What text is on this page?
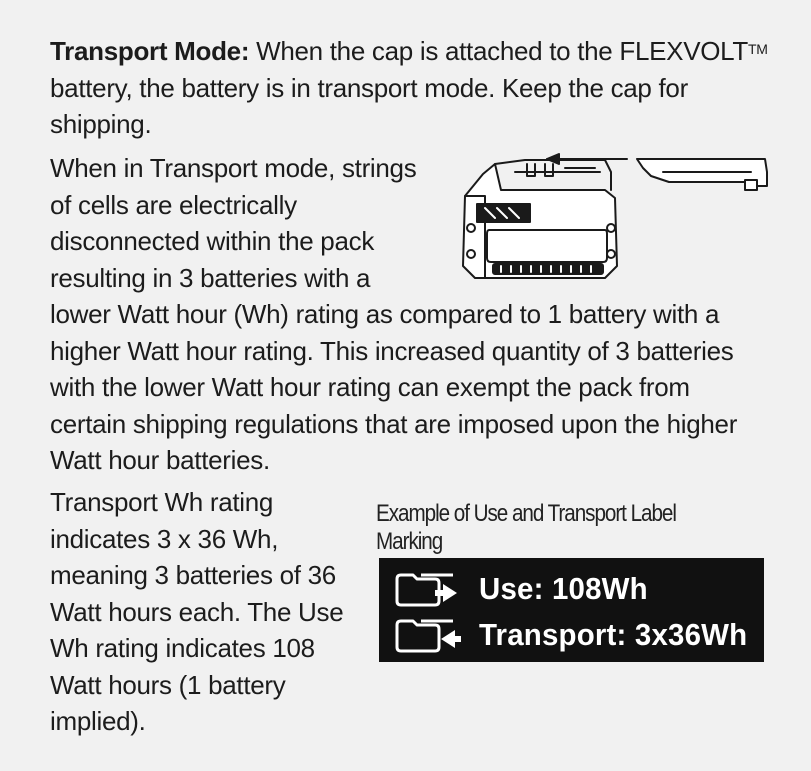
Transport Mode: When the cap is attached to the FLEXVOLT™ battery, the battery is in transport mode. Keep the cap for shipping.

When in Transport mode, strings of cells are electrically disconnected within the pack resulting in 3 batteries with a

lower Watt hour (Wh) rating as compared to 1 battery with a higher Watt hour rating. This increased quantity of 3 batteries with the lower Watt hour rating can exempt the pack from certain shipping regulations that are imposed upon the higher Watt hour batteries.

Transport Wh rating indicates 3 x 36 Wh, meaning 3 batteries of 36 Watt hours each. The Use Wh rating indicates 108 Watt hours (1 battery implied).

Example of Use and Transport Label Marking
Use: 108Wh
Transport: 3x36Wh
